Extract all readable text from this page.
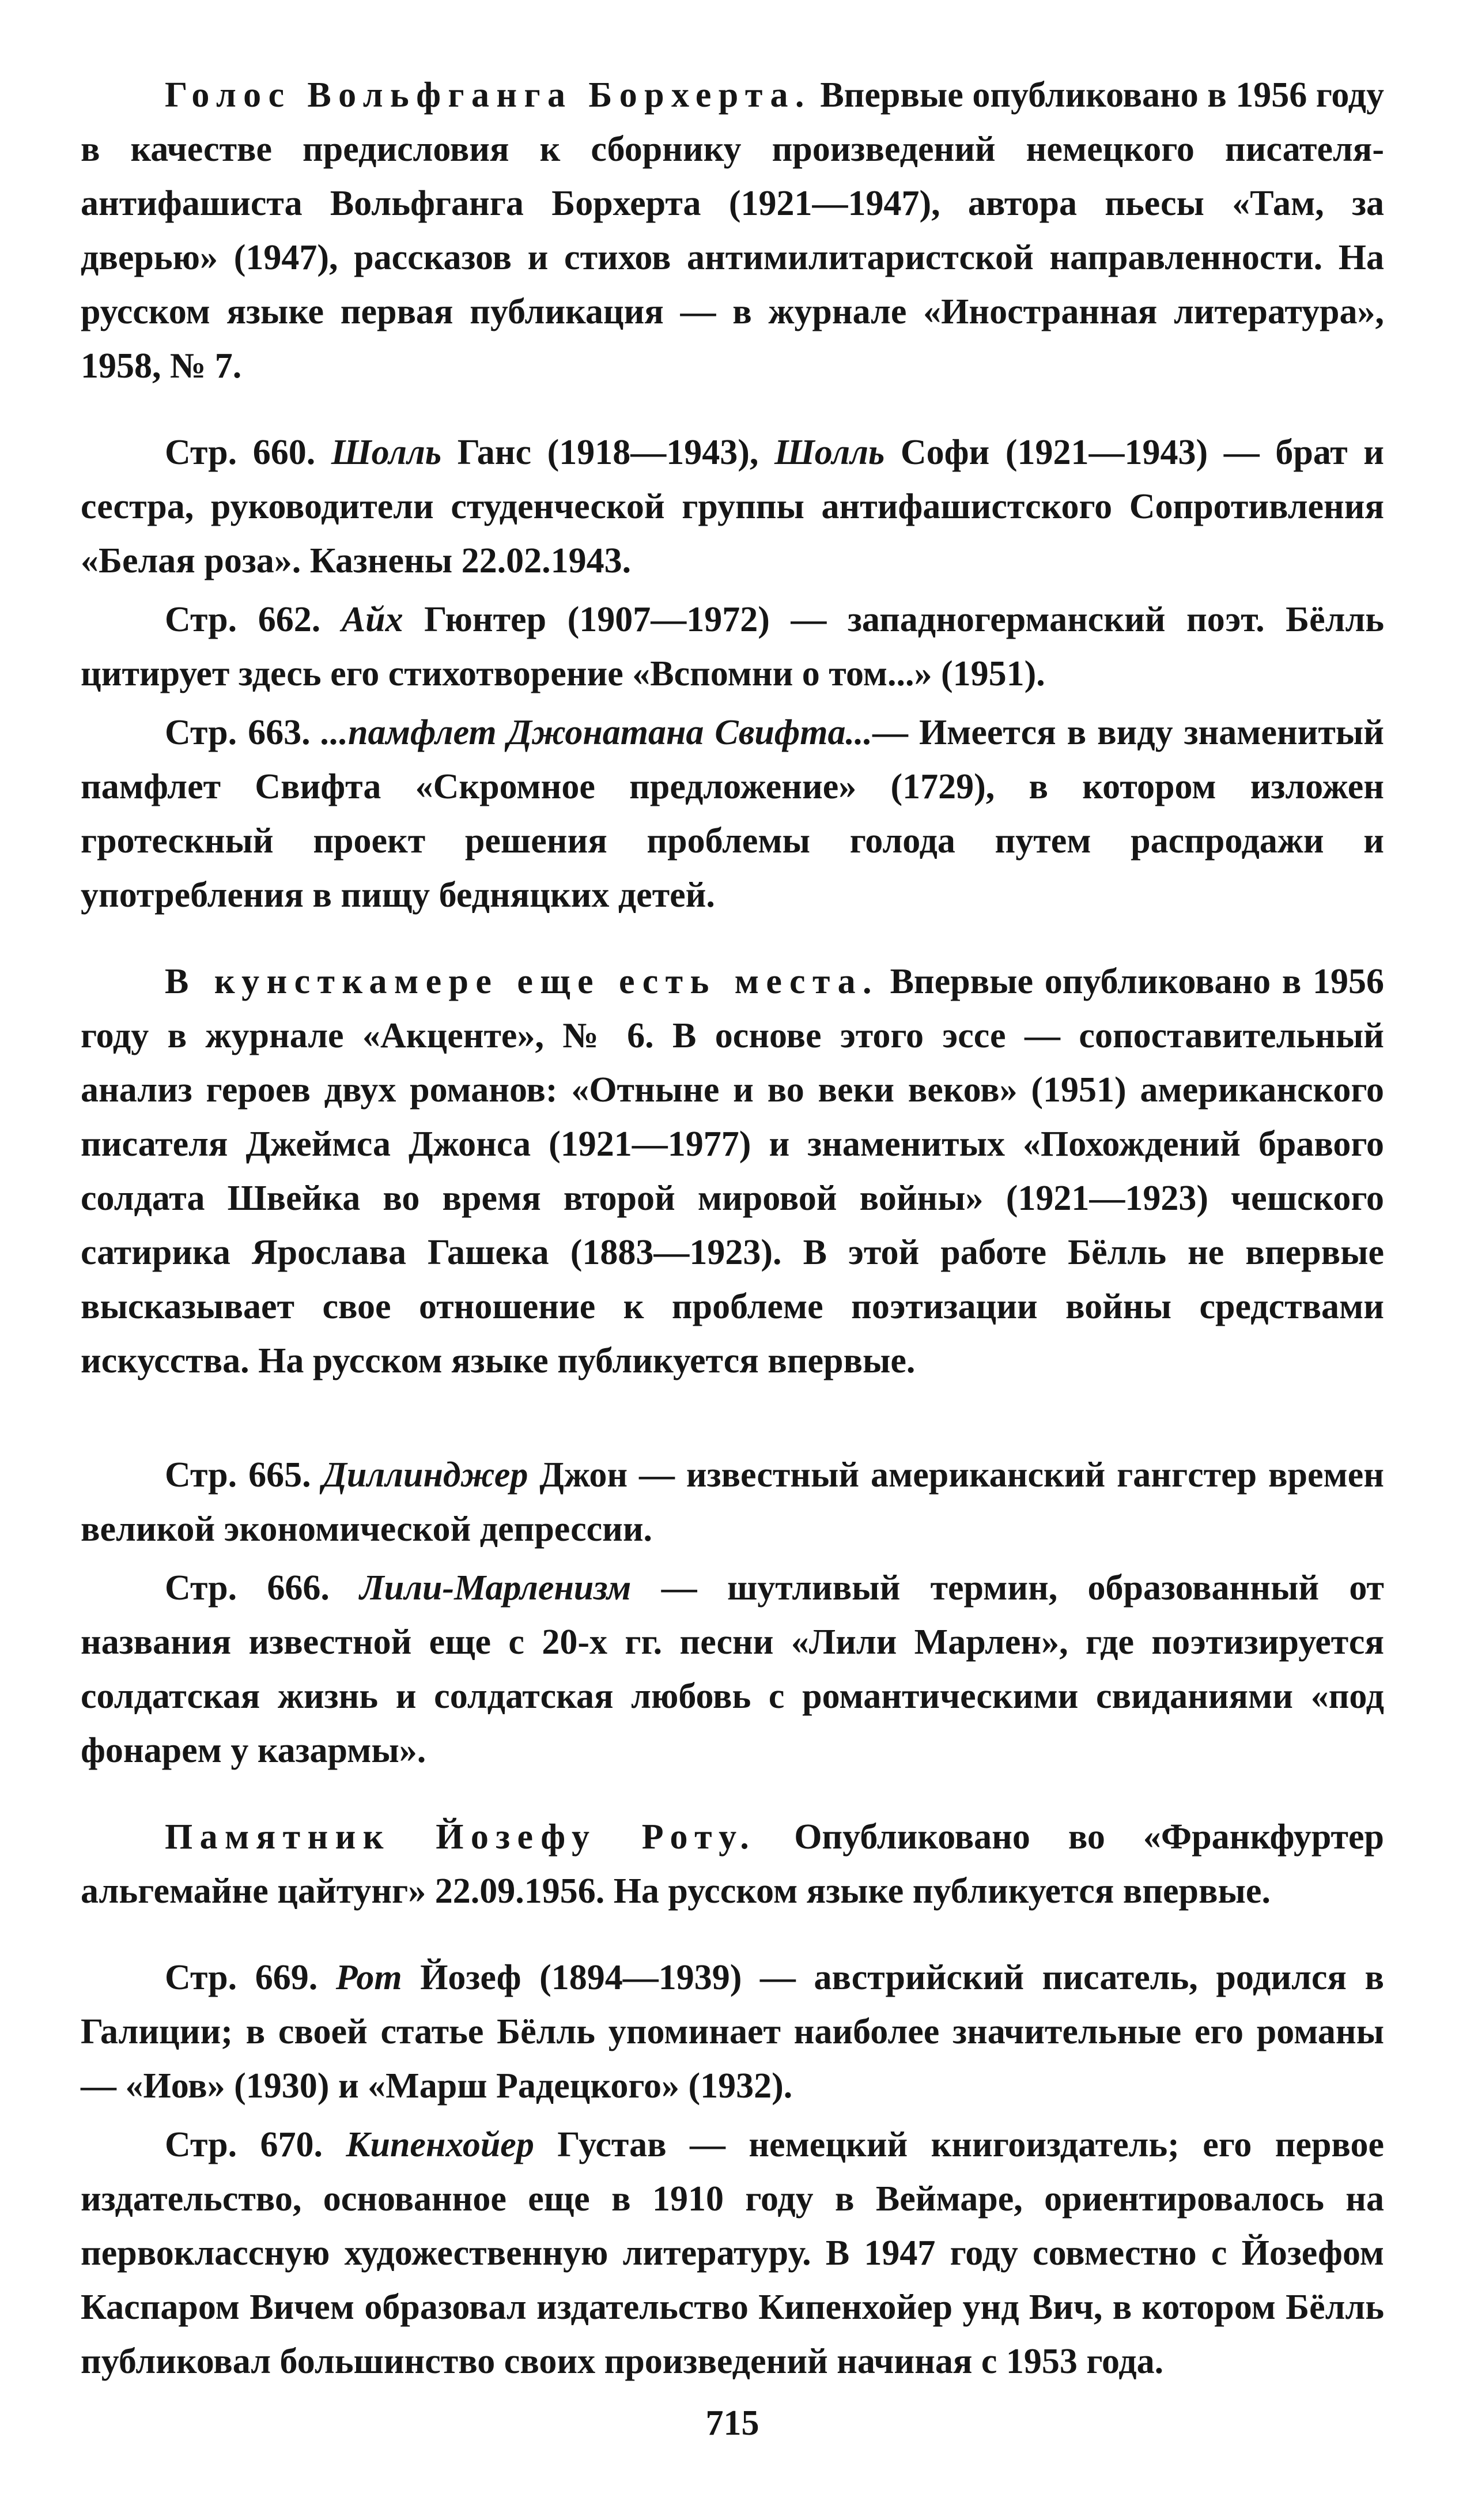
Голос Вольфганга Борхерта. Впервые опубликовано в 1956 году в качестве предисловия к сборнику произведений немецкого писателя-антифашиста Вольфганга Борхерта (1921—1947), автора пьесы «Там, за дверью» (1947), рассказов и стихов антимилитаристской направленности. На русском языке первая публикация — в журнале «Иностранная литература», 1958, № 7.

Стр. 660. Шолль Ганс (1918—1943), Шолль Софи (1921—1943) — брат и сестра, руководители студенческой группы антифашистского Сопротивления «Белая роза». Казнены 22.02.1943.

Стр. 662. Айх Гюнтер (1907—1972) — западногерманский поэт. Бёлль цитирует здесь его стихотворение «Вспомни о том...» (1951).

Стр. 663. ...памфлет Джонатана Свифта...— Имеется в виду знаменитый памфлет Свифта «Скромное предложение» (1729), в котором изложен гротескный проект решения проблемы голода путем распродажи и употребления в пищу бедняцких детей.

В кунсткамере еще есть места. Впервые опубликовано в 1956 году в журнале «Акценте», № 6. В основе этого эссе — сопоставительный анализ героев двух романов: «Отныне и во веки веков» (1951) американского писателя Джеймса Джонса (1921—1977) и знаменитых «Похождений бравого солдата Швейка во время второй мировой войны» (1921—1923) чешского сатирика Ярослава Гашека (1883—1923). В этой работе Бёлль не впервые высказывает свое отношение к проблеме поэтизации войны средствами искусства. На русском языке публикуется впервые.

Стр. 665. Диллинджер Джон — известный американский гангстер времен великой экономической депрессии.

Стр. 666. Лили-Марленизм — шутливый термин, образованный от названия известной еще с 20-х гг. песни «Лили Марлен», где поэтизируется солдатская жизнь и солдатская любовь с романтическими свиданиями «под фонарем у казармы».

Памятник Йозефу Роту. Опубликовано во «Франкфуртер альгемайне цайтунг» 22.09.1956. На русском языке публикуется впервые.

Стр. 669. Рот Йозеф (1894—1939) — австрийский писатель, родился в Галиции; в своей статье Бёлль упоминает наиболее значительные его романы — «Иов» (1930) и «Марш Радецкого» (1932).

Стр. 670. Кипенхойер Густав — немецкий книгоиздатель; его первое издательство, основанное еще в 1910 году в Веймаре, ориентировалось на первоклассную художественную литературу. В 1947 году совместно с Йозефом Каспаром Вичем образовал издательство Кипенхойер унд Вич, в котором Бёлль публиковал большинство своих произведений начиная с 1953 года.

715
